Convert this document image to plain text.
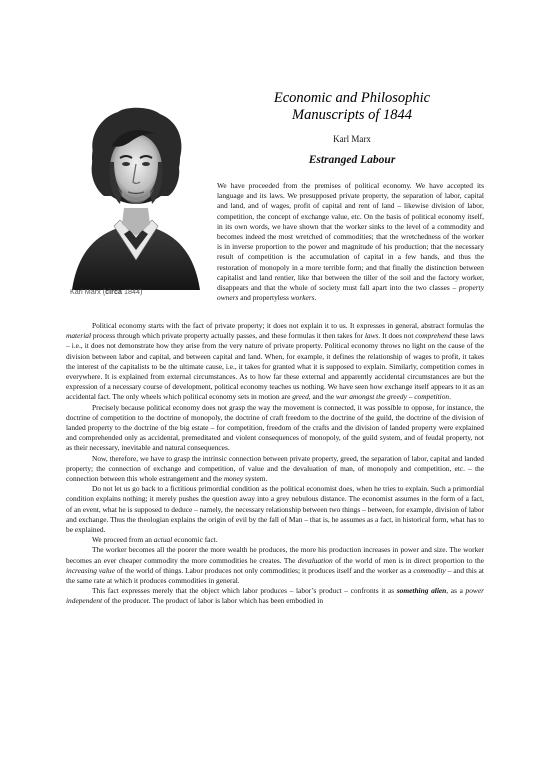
Karl Marx (circa 1844)
Economic and Philosophic
Manuscripts of 1844
Karl Marx
Estranged Labour

We have proceeded from the premises of political economy. We have accepted its language and its laws. We presupposed private property, the separation of labor, capital and land, and of wages, profit of capital and rent of land – likewise division of labor, competition, the concept of exchange value, etc. On the basis of political economy itself, in its own words, we have shown that the worker sinks to the level of a commodity and becomes indeed the most wretched of commodities; that the wretchedness of the worker is in inverse proportion to the power and magnitude of his production; that the necessary result of competition is the accumulation of capital in a few hands, and thus the restoration of monopoly in a more terrible form; and that finally the distinction between capitalist and land rentier, like that between the tiller of the soil and the factory worker, disappears and that the whole of society must fall apart into the two classes – property owners and propertyless workers.

Political economy starts with the fact of private property; it does not explain it to us. It expresses in general, abstract formulas the material process through which private property actually passes, and these formulas it then takes for laws. It does not comprehend these laws – i.e., it does not demonstrate how they arise from the very nature of private property. Political economy throws no light on the cause of the division between labor and capital, and between capital and land. When, for example, it defines the relationship of wages to profit, it takes the interest of the capitalists to be the ultimate cause, i.e., it takes for granted what it is supposed to explain. Similarly, competition comes in everywhere. It is explained from external circumstances. As to how far these external and apparently accidental circumstances are but the expression of a necessary course of development, political economy teaches us nothing. We have seen how exchange itself appears to it as an accidental fact. The only wheels which political economy sets in motion are greed, and the war amongst the greedy – competition.

Precisely because political economy does not grasp the way the movement is connected, it was possible to oppose, for instance, the doctrine of competition to the doctrine of monopoly, the doctrine of craft freedom to the doctrine of the guild, the doctrine of the division of landed property to the doctrine of the big estate – for competition, freedom of the crafts and the division of landed property were explained and comprehended only as accidental, premeditated and violent consequences of monopoly, of the guild system, and of feudal property, not as their necessary, inevitable and natural consequences.

Now, therefore, we have to grasp the intrinsic connection between private property, greed, the separation of labor, capital and landed property; the connection of exchange and competition, of value and the devaluation of man, of monopoly and competition, etc. – the connection between this whole estrangement and the money system.

Do not let us go back to a fictitious primordial condition as the political economist does, when he tries to explain. Such a primordial condition explains nothing; it merely pushes the question away into a grey nebulous distance. The economist assumes in the form of a fact, of an event, what he is supposed to deduce – namely, the necessary relationship between two things – between, for example, division of labor and exchange. Thus the theologian explains the origin of evil by the fall of Man – that is, he assumes as a fact, in historical form, what has to be explained.

We proceed from an actual economic fact.

The worker becomes all the poorer the more wealth he produces, the more his production increases in power and size. The worker becomes an ever cheaper commodity the more commodities he creates. The devaluation of the world of men is in direct proportion to the increasing value of the world of things. Labor produces not only commodities; it produces itself and the worker as a commodity – and this at the same rate at which it produces commodities in general.

This fact expresses merely that the object which labor produces – labor’s product – confronts it as something alien, as a power independent of the producer. The product of labor is labor which has been embodied in
